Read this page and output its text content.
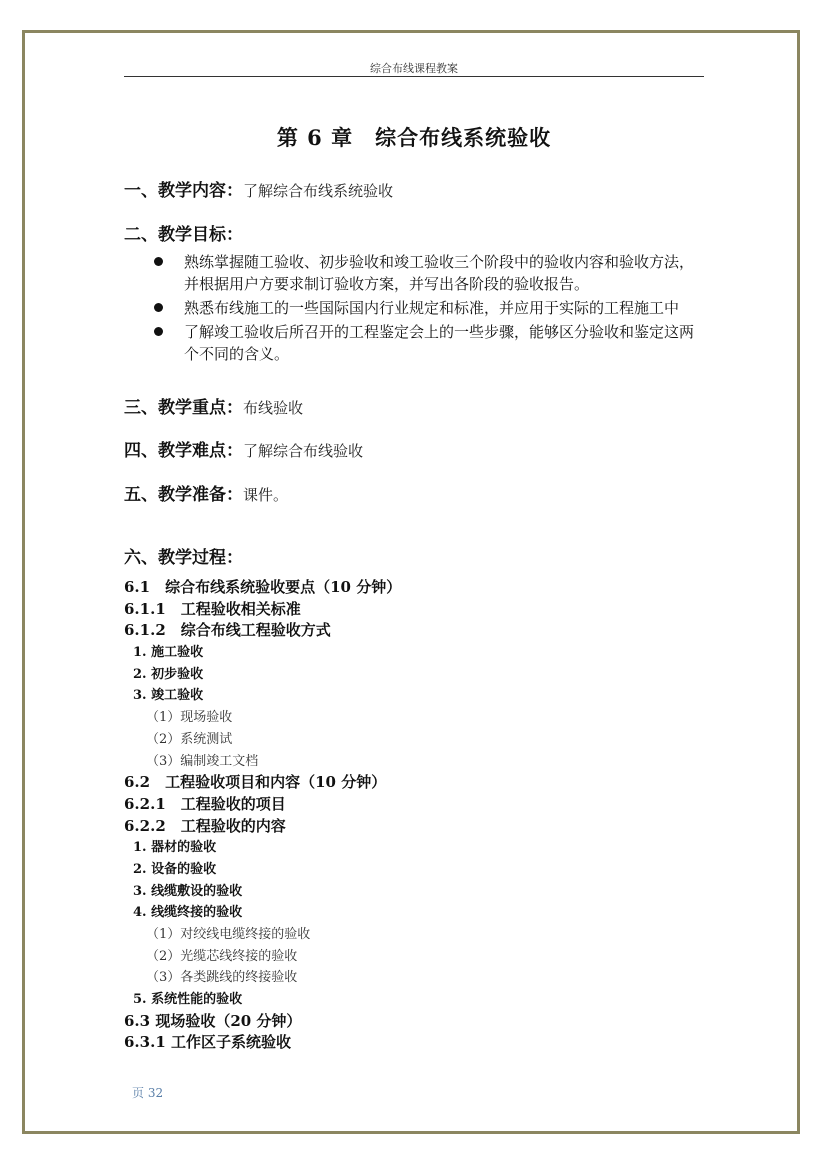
综合布线课程教案
第 6 章　综合布线系统验收
一、教学内容：了解综合布线系统验收
二、教学目标：
熟练掌握随工验收、初步验收和竣工验收三个阶段中的验收内容和验收方法，并根据用户方要求制订验收方案，并写出各阶段的验收报告。
熟悉布线施工的一些国际国内行业规定和标准，并应用于实际的工程施工中
了解竣工验收后所召开的工程鉴定会上的一些步骤，能够区分验收和鉴定这两个不同的含义。
三、教学重点：布线验收
四、教学难点：了解综合布线验收
五、教学准备：课件。
六、教学过程：
6.1　综合布线系统验收要点（10 分钟）
6.1.1　工程验收相关标准
6.1.2　综合布线工程验收方式
1. 施工验收
2. 初步验收
3. 竣工验收
（1）现场验收
（2）系统测试
（3）编制竣工文档
6.2　工程验收项目和内容（10 分钟）
6.2.1　工程验收的项目
6.2.2　工程验收的内容
1. 器材的验收
2. 设备的验收
3. 线缆敷设的验收
4. 线缆终接的验收
（1）对绞线电缆终接的验收
（2）光缆芯线终接的验收
（3）各类跳线的终接验收
5. 系统性能的验收
6.3 现场验收（20 分钟）
6.3.1 工作区子系统验收
页 32
